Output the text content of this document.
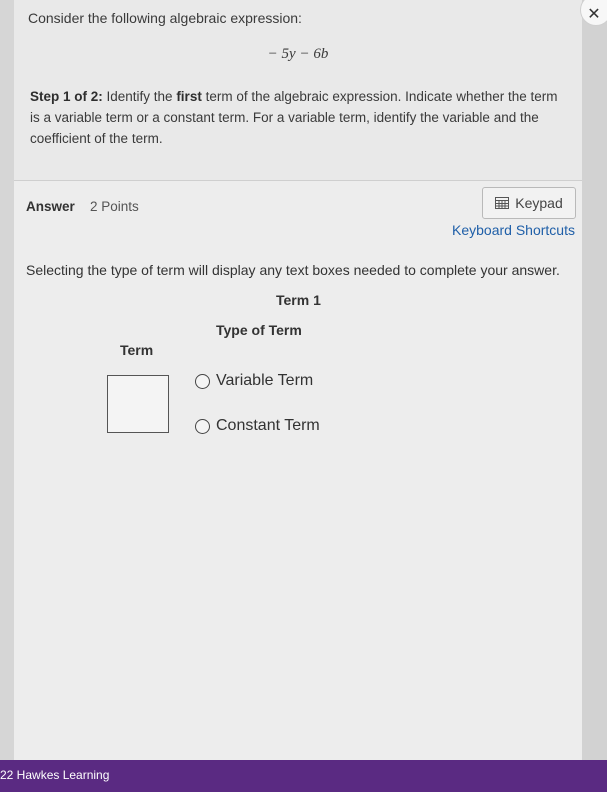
Consider the following algebraic expression:
− 5y − 6b
Step 1 of 2: Identify the first term of the algebraic expression. Indicate whether the term is a variable term or a constant term. For a variable term, identify the variable and the coefficient of the term.
Answer 2 Points	Keypad
Keyboard Shortcuts
Selecting the type of term will display any text boxes needed to complete your answer.
Term 1
Type of Term
Term
Variable Term
Constant Term
✕
22 Hawkes Learning
